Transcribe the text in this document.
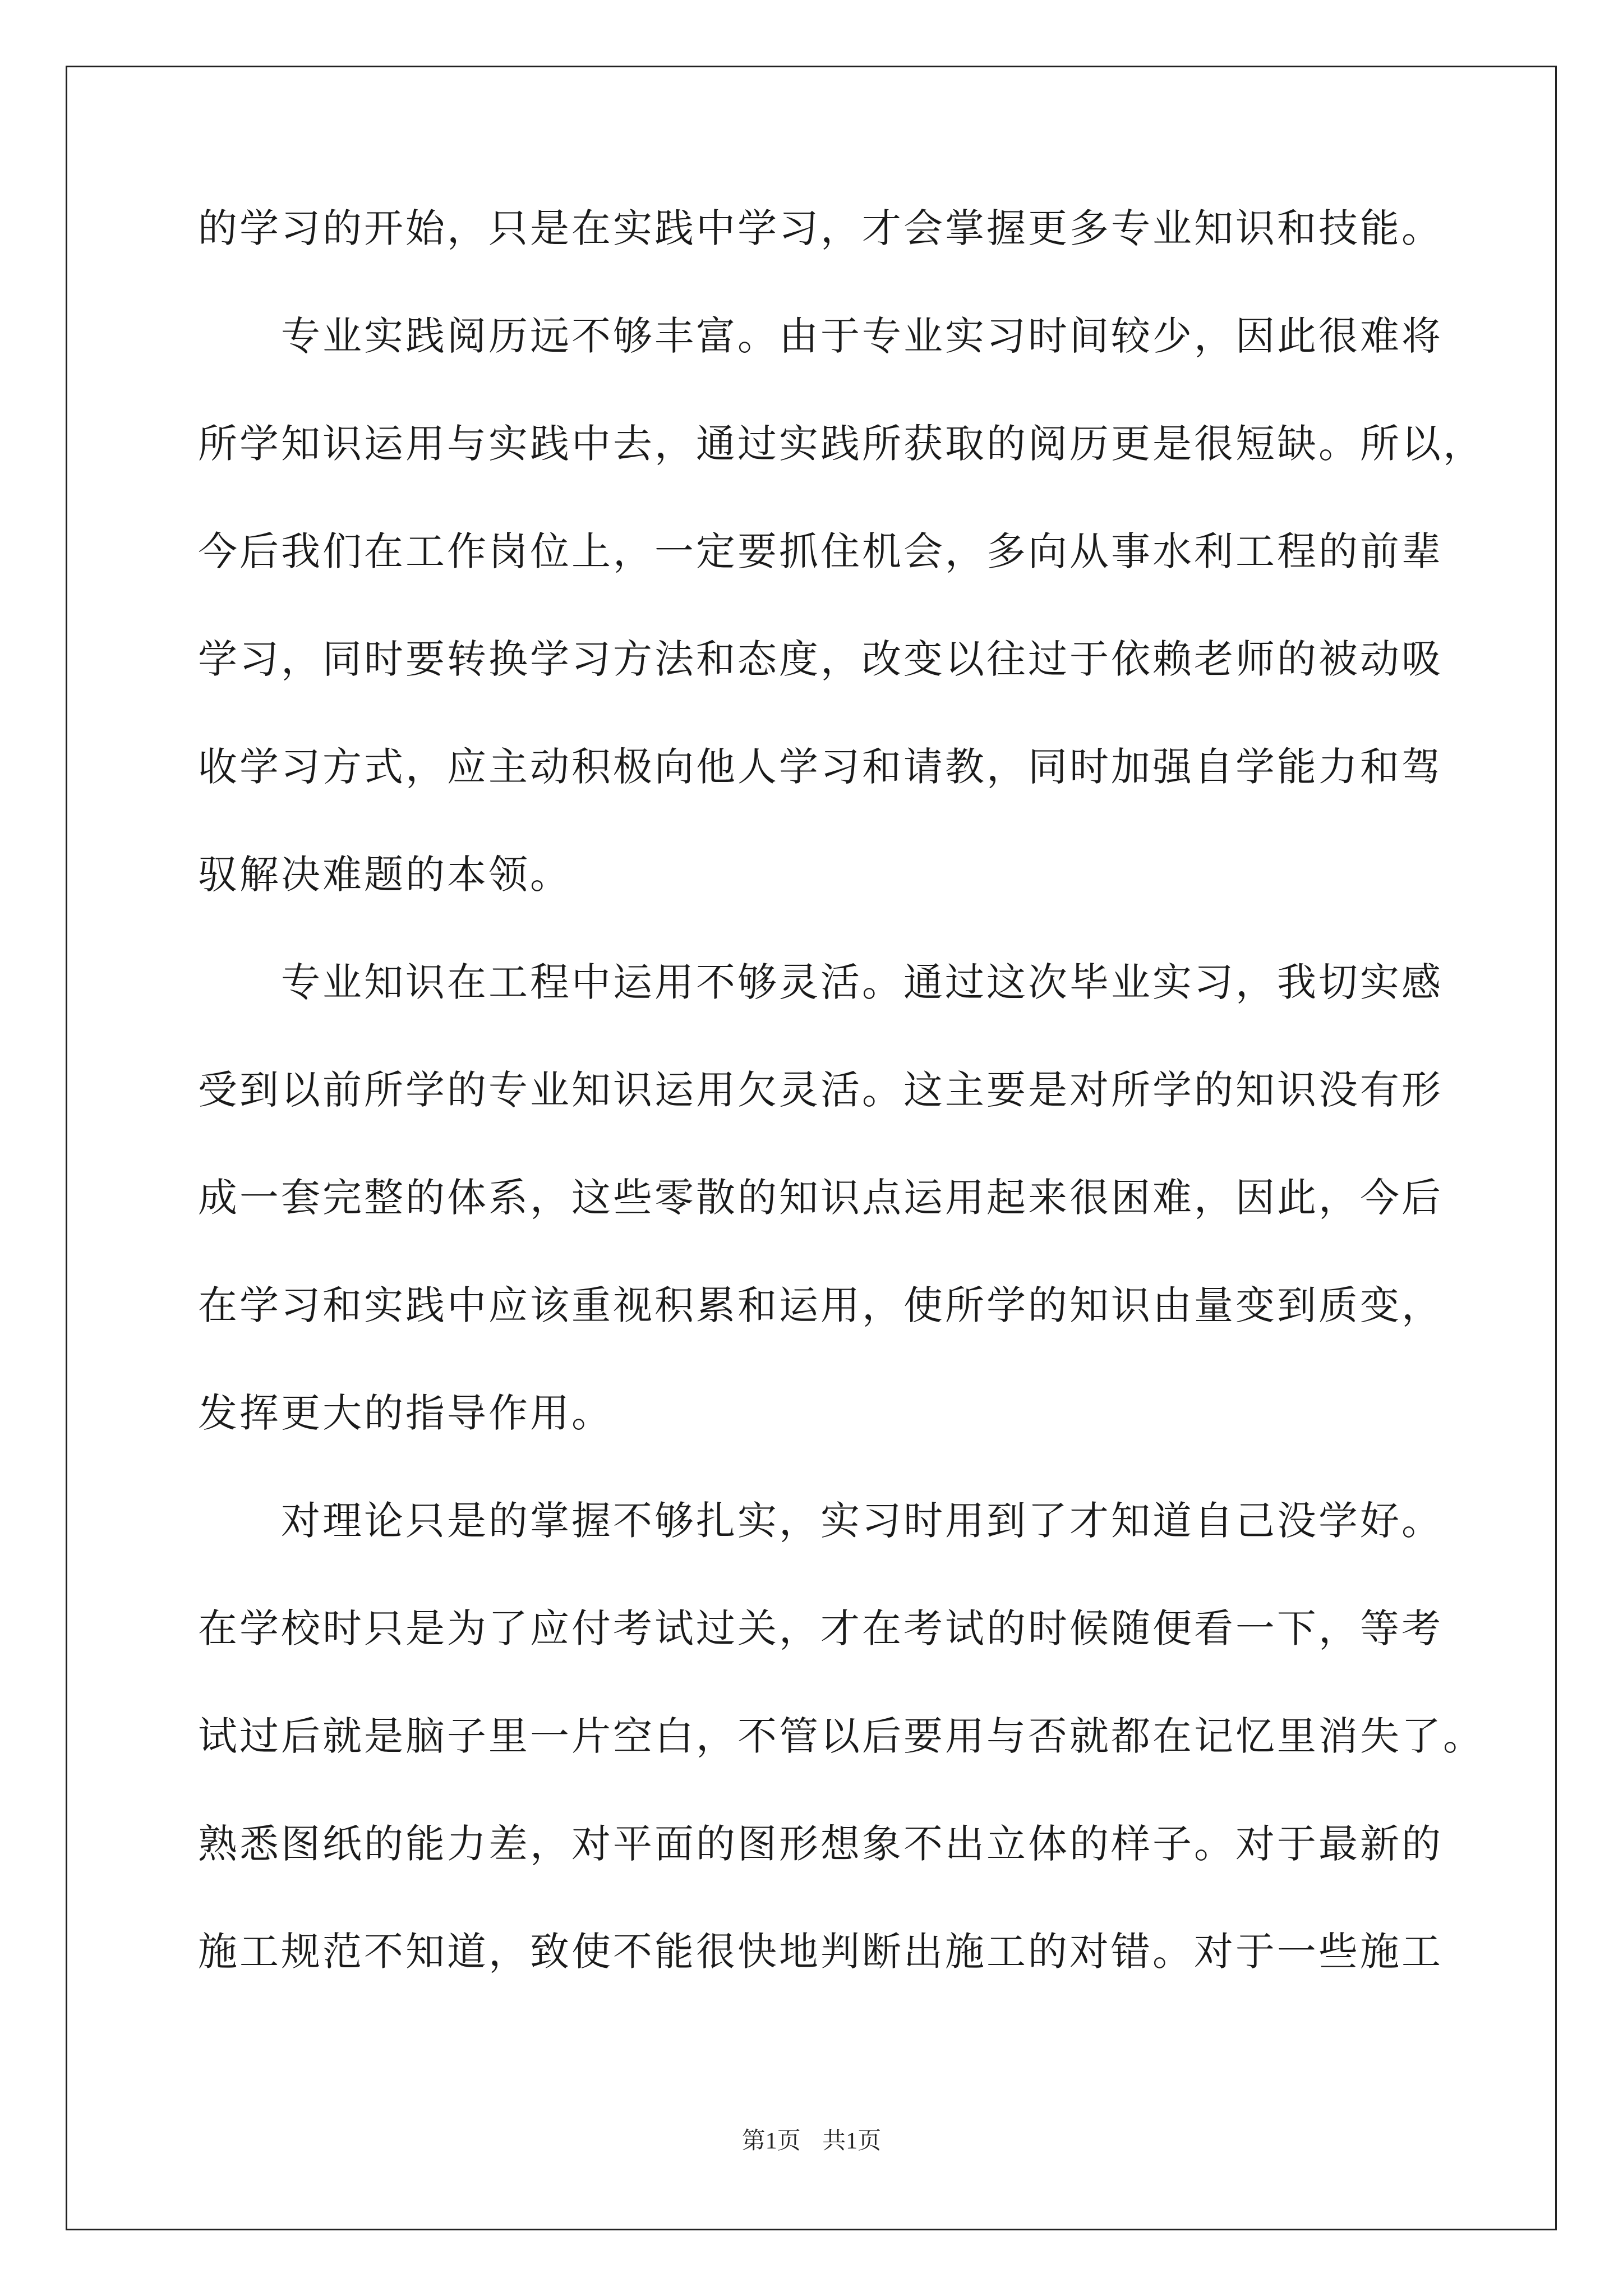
的学习的开始，只是在实践中学习，才会掌握更多专业知识和技能。
专业实践阅历远不够丰富。由于专业实习时间较少，因此很难将
所学知识运用与实践中去，通过实践所获取的阅历更是很短缺。所以，
今后我们在工作岗位上，一定要抓住机会，多向从事水利工程的前辈
学习，同时要转换学习方法和态度，改变以往过于依赖老师的被动吸
收学习方式，应主动积极向他人学习和请教，同时加强自学能力和驾
驭解决难题的本领。
专业知识在工程中运用不够灵活。通过这次毕业实习，我切实感
受到以前所学的专业知识运用欠灵活。这主要是对所学的知识没有形
成一套完整的体系，这些零散的知识点运用起来很困难，因此，今后
在学习和实践中应该重视积累和运用，使所学的知识由量变到质变，
发挥更大的指导作用。
对理论只是的掌握不够扎实，实习时用到了才知道自己没学好。
在学校时只是为了应付考试过关，才在考试的时候随便看一下，等考
试过后就是脑子里一片空白，不管以后要用与否就都在记忆里消失了。
熟悉图纸的能力差，对平面的图形想象不出立体的样子。对于最新的
施工规范不知道，致使不能很快地判断出施工的对错。对于一些施工
第1页 共1页
